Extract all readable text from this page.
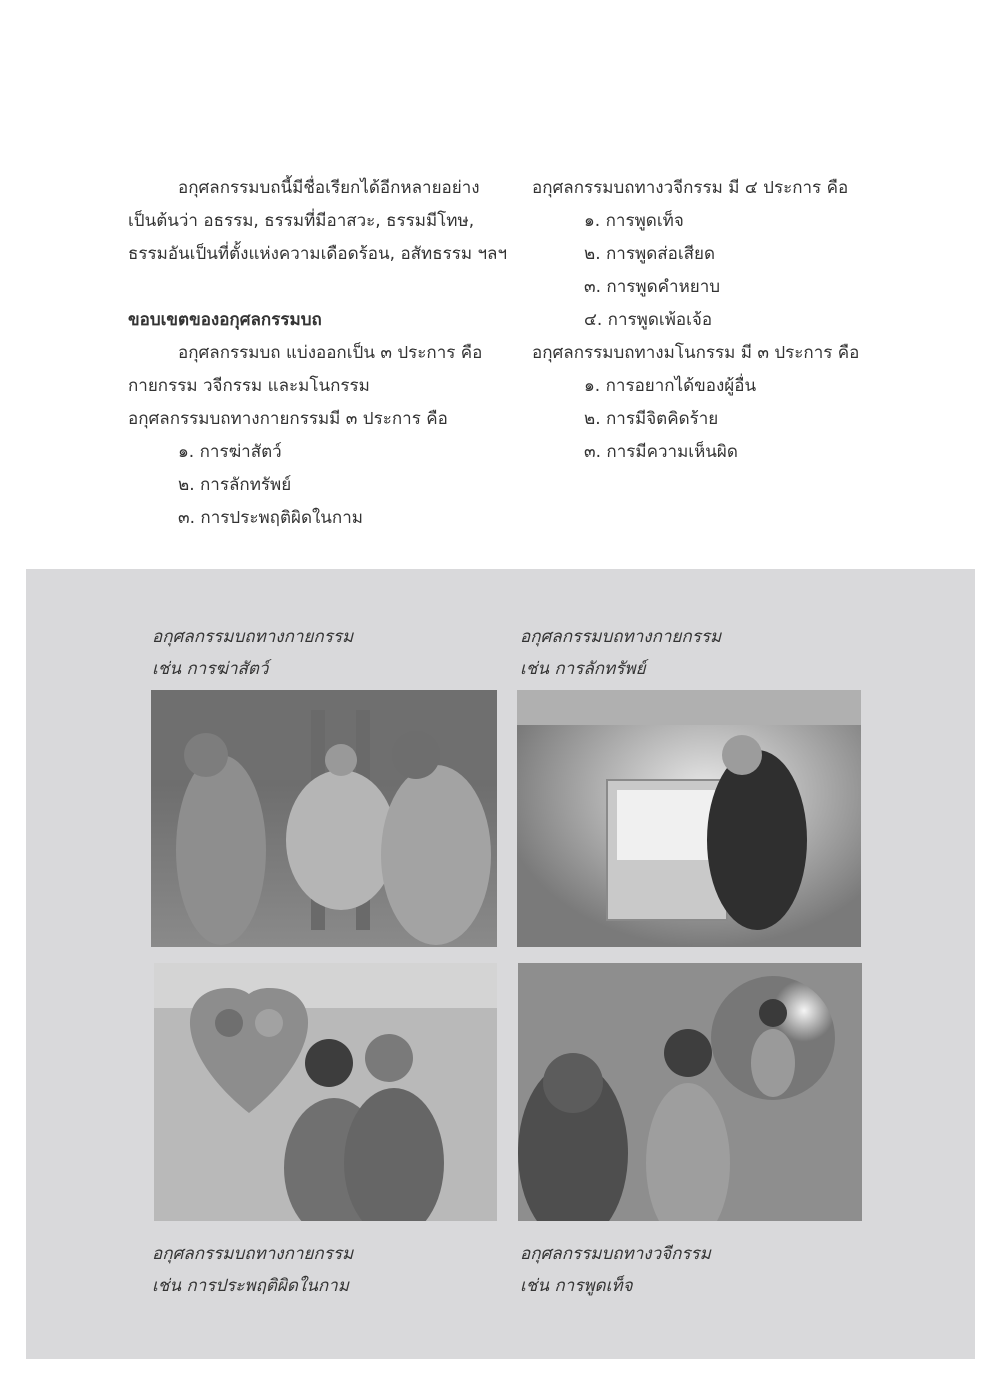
อกุศลกรรมบถนี้มีชื่อเรียกได้อีกหลายอย่าง
เป็นต้นว่า อธรรม, ธรรมที่มีอาสวะ, ธรรมมีโทษ,
ธรรมอันเป็นที่ตั้งแห่งความเดือดร้อน, อสัทธรรม ฯลฯ
ขอบเขตของอกุศลกรรมบถ
อกุศลกรรมบถ แบ่งออกเป็น ๓ ประการ คือ
กายกรรม วจีกรรม และมโนกรรม
อกุศลกรรมบถทางกายกรรมมี ๓ ประการ คือ
๑. การฆ่าสัตว์
๒. การลักทรัพย์
๓. การประพฤติผิดในกาม
อกุศลกรรมบถทางวจีกรรม มี ๔ ประการ คือ
๑. การพูดเท็จ
๒. การพูดส่อเสียด
๓. การพูดคำหยาบ
๔. การพูดเพ้อเจ้อ
อกุศลกรรมบถทางมโนกรรม มี ๓ ประการ คือ
๑. การอยากได้ของผู้อื่น
๒. การมีจิตคิดร้าย
๓. การมีความเห็นผิด
อกุศลกรรมบถทางกายกรรม
เช่น การฆ่าสัตว์
อกุศลกรรมบถทางกายกรรม
เช่น การลักทรัพย์
อกุศลกรรมบถทางกายกรรม
เช่น การประพฤติผิดในกาม
อกุศลกรรมบถทางวจีกรรม
เช่น การพูดเท็จ
